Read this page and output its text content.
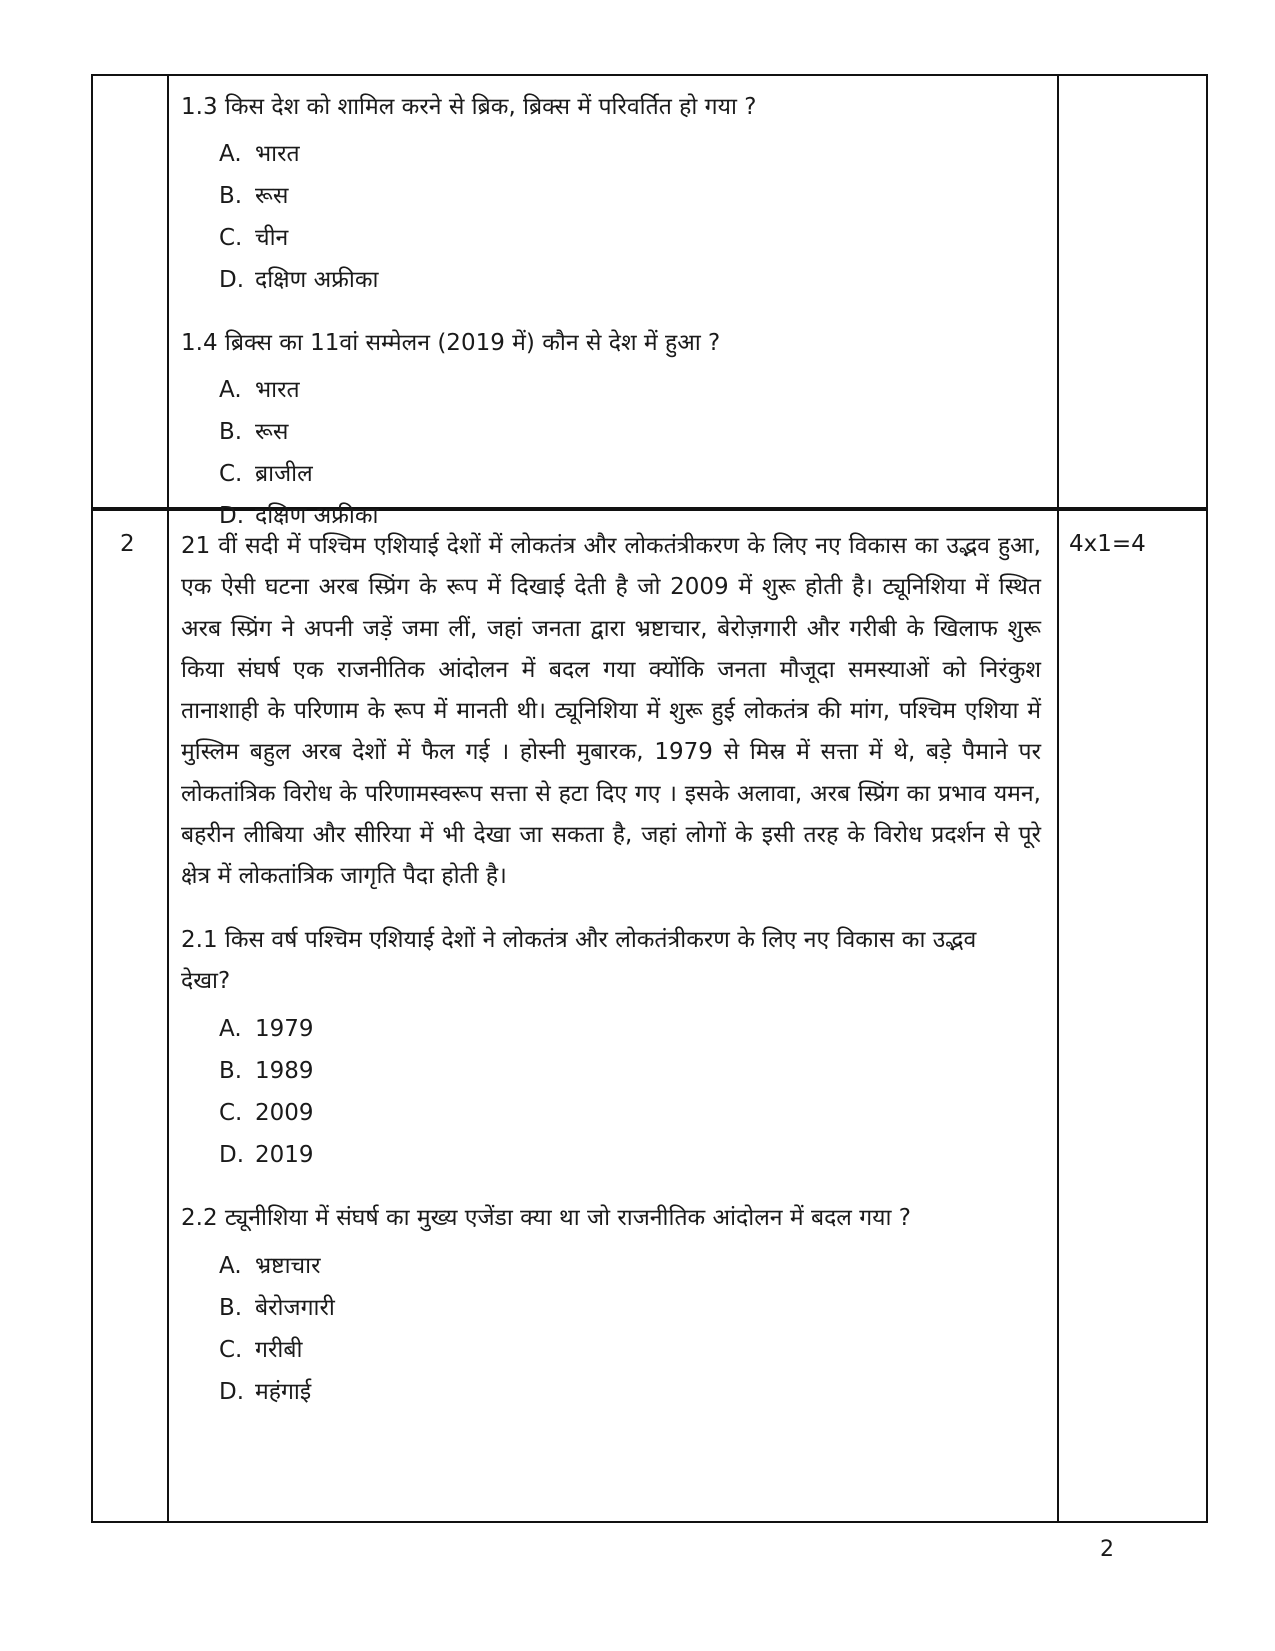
1.3 किस देश को शामिल करने से ब्रिक, ब्रिक्स में परिवर्तित हो गया ?

A. भारत
B. रूस
C. चीन
D. दक्षिण अफ्रीका

1.4 ब्रिक्स का 11वां सम्मेलन (2019 में) कौन से देश में हुआ ?

A. भारत
B. रूस
C. ब्राजील
D. दक्षिण अफ्रीका
2	4x1=4

21 वीं सदी में पश्चिम एशियाई देशों में लोकतंत्र और लोकतंत्रीकरण के लिए नए विकास का उद्भव हुआ, एक ऐसी घटना अरब स्प्रिंग के रूप में दिखाई देती है जो 2009 में शुरू होती है। ट्यूनिशिया में स्थित अरब स्प्रिंग ने अपनी जड़ें जमा लीं, जहां जनता द्वारा भ्रष्टाचार, बेरोज़गारी और गरीबी के खिलाफ शुरू किया संघर्ष एक राजनीतिक आंदोलन में बदल गया क्योंकि जनता मौजूदा समस्याओं को निरंकुश तानाशाही के परिणाम के रूप में मानती थी। ट्यूनिशिया में शुरू हुई लोकतंत्र की मांग, पश्चिम एशिया में मुस्लिम बहुल अरब देशों में फैल गई । होस्नी मुबारक, 1979 से मिस्र में सत्ता में थे, बड़े पैमाने पर लोकतांत्रिक विरोध के परिणामस्वरूप सत्ता से हटा दिए गए । इसके अलावा, अरब स्प्रिंग का प्रभाव यमन, बहरीन लीबिया और सीरिया में भी देखा जा सकता है, जहां लोगों के इसी तरह के विरोध प्रदर्शन से पूरे क्षेत्र में लोकतांत्रिक जागृति पैदा होती है।

2.1 किस वर्ष पश्चिम एशियाई देशों ने लोकतंत्र और लोकतंत्रीकरण के लिए नए विकास का उद्भव देखा?

A. 1979
B. 1989
C. 2009
D. 2019

2.2 ट्यूनीशिया में संघर्ष का मुख्य एजेंडा क्या था जो राजनीतिक आंदोलन में बदल गया ?

A. भ्रष्टाचार
B. बेरोजगारी
C. गरीबी
D. महंगाई
2
